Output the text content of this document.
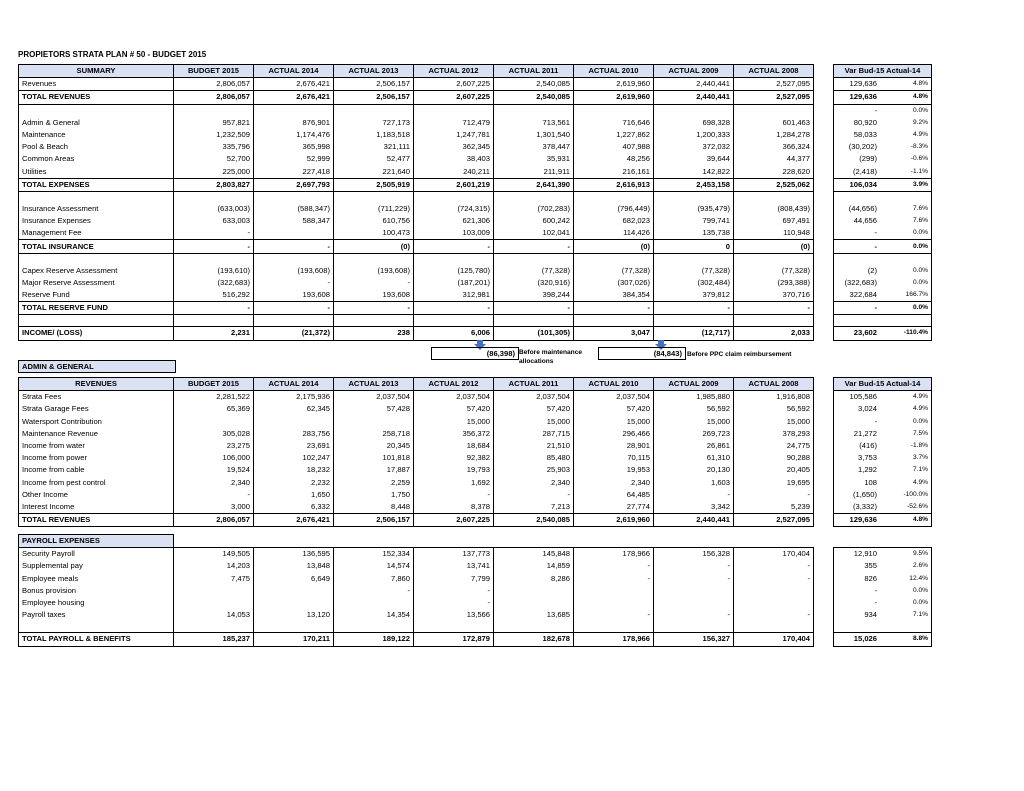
PROPIETORS STRATA PLAN # 50 - BUDGET 2015
SUMMARY	BUDGET 2015	ACTUAL 2014	ACTUAL 2013	ACTUAL 2012	ACTUAL 2011	ACTUAL 2010	ACTUAL 2009	ACTUAL 2008		Var Bud-15 Actual-14
Revenues	2,806,057	2,676,421	2,506,157	2,607,225	2,540,085	2,619,960	2,440,441	2,527,095		129,636 4.8%

TOTAL REVENUES	2,806,057	2,676,421	2,506,157	2,607,225	2,540,085	2,619,960	2,440,441	2,527,095		129,636 4.8%

										- 0.0%

Admin & General	957,821	876,901	727,173	712,479	713,561	716,646	698,328	601,463		80,920 9.2%

Maintenance	1,232,509	1,174,476	1,183,518	1,247,781	1,301,540	1,227,862	1,200,333	1,284,278		58,033 4.9%

Pool & Beach	335,796	365,998	321,111	362,345	378,447	407,988	372,032	366,324		(30,202) -8.3%

Common Areas	52,700	52,999	52,477	38,403	35,931	48,256	39,644	44,377		(299) -0.6%

Utilities	225,000	227,418	221,640	240,211	211,911	216,161	142,822	228,620		(2,418) -1.1%

TOTAL EXPENSES	2,803,827	2,697,793	2,505,919	2,601,219	2,641,390	2,616,913	2,453,158	2,525,062		106,034 3.9%

Insurance Assessment	(633,003)	(588,347)	(711,229)	(724,315)	(702,283)	(796,449)	(935,479)	(808,439)		(44,656) 7.6%

Insurance Expenses	633,003	588,347	610,756	621,306	600,242	682,023	799,741	697,491		44,656 7.6%

Management Fee	-		100,473	103,009	102,041	114,426	135,738	110,948		- 0.0%

TOTAL INSURANCE	-	-	(0)	-	-	(0)	0	(0)		- 0.0%

Capex Reserve Assessment	(193,610)	(193,608)	(193,608)	(125,780)	(77,328)	(77,328)	(77,328)	(77,328)		(2) 0.0%

Major Reserve Assessment	(322,683)	-	-	(187,201)	(320,916)	(307,026)	(302,484)	(293,388)		(322,683) 0.0%

Reserve Fund	516,292	193,608	193,608	312,981	398,244	384,354	379,812	370,716		322,684 166.7%

TOTAL RESERVE FUND	-	-	-	-	-	-	-	-		- 0.0%

INCOME/ (LOSS)	2,231	(21,372)	238	6,006	(101,305)	3,047	(12,717)	2,033		23,602 -110.4%
(86,398) Before maintenance allocations
(84,843) Before PPC claim reimbursement
ADMIN & GENERAL
REVENUES	BUDGET 2015	ACTUAL 2014	ACTUAL 2013	ACTUAL 2012	ACTUAL 2011	ACTUAL 2010	ACTUAL 2009	ACTUAL 2008		Var Bud-15 Actual-14
Strata Fees	2,281,522	2,175,936	2,037,504	2,037,504	2,037,504	2,037,504	1,985,880	1,916,808		105,586 4.9%

Strata Garage Fees	65,369	62,345	57,428	57,420	57,420	57,420	56,592	56,592		3,024 4.9%

Watersport Contribution				15,000	15,000	15,000	15,000	15,000		- 0.0%

Maintenance Revenue	305,028	283,756	258,718	356,372	287,715	296,466	269,723	378,293		21,272 7.5%

Income from water	23,275	23,691	20,345	18,684	21,510	28,901	26,861	24,775		(416) -1.8%

Income from power	106,000	102,247	101,818	92,382	85,480	70,115	61,310	90,288		3,753 3.7%

Income from cable	19,524	18,232	17,887	19,793	25,903	19,953	20,130	20,405		1,292 7.1%

Income from pest control	2,340	2,232	2,259	1,692	2,340	2,340	1,603	19,695		108 4.9%

Other Income	-	1,650	1,750	-	-	64,485	-	-		(1,650) -100.0%

Interest Income	3,000	6,332	8,448	8,378	7,213	27,774	3,342	5,239		(3,332) -52.6%

TOTAL REVENUES	2,806,057	2,676,421	2,506,157	2,607,225	2,540,085	2,619,960	2,440,441	2,527,095		129,636 4.8%
PAYROLL EXPENSES										
Security Payroll	149,505	136,595	152,334	137,773	145,848	178,966	156,328	170,404		12,910 9.5%

Supplemental pay	14,203	13,848	14,574	13,741	14,859	-	-	-		355 2.6%

Employee meals	7,475	6,649	7,860	7,799	8,286	-	-	-		826 12.4%

Bonus provision			-	-						- 0.0%

Employee housing				-						- 0.0%

Payroll taxes	14,053	13,120	14,354	13,566	13,685	-	-	-		934 7.1%

TOTAL PAYROLL & BENEFITS	185,237	170,211	189,122	172,879	182,678	178,966	156,327	170,404		15,026 8.8%
